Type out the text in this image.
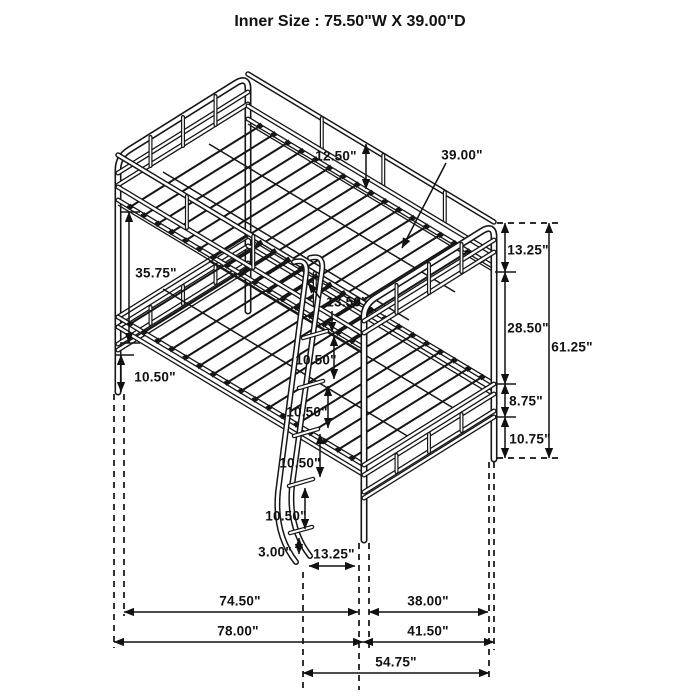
Inner Size : 75.50"W X 39.00"D
12.50"	39.00"
13.25"
28.50"
61.25"
8.75"
10.75"
35.75"
10.50"
13.50"
10.50"
10.50"
10.50"
10.50"
3.00" 13.25"
74.50"	38.00"
78.00"	41.50"
54.75"
